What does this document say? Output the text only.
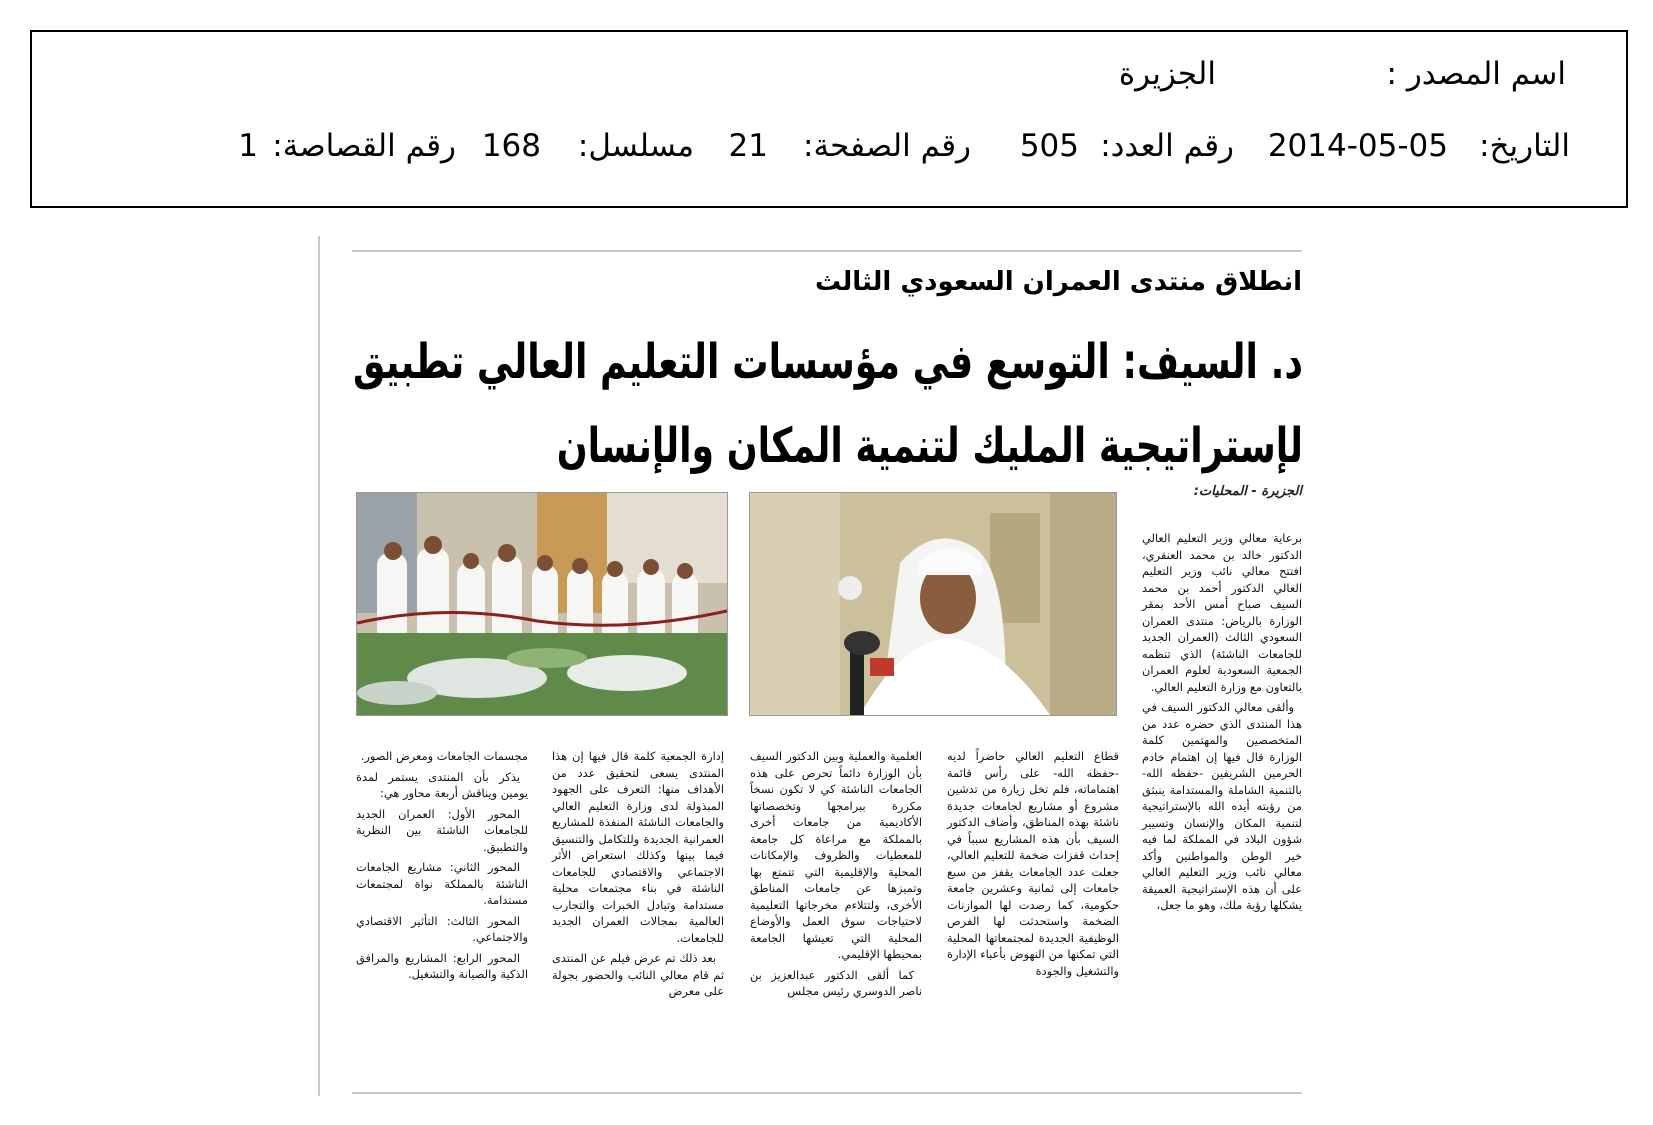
اسم المصدر :
الجزيرة
التاريخ:
2014-05-05
رقم العدد:
505
رقم الصفحة:
21
مسلسل:
168
رقم القصاصة:
1
انطلاق منتدى العمران السعودي الثالث
د. السيف: التوسع في مؤسسات التعليم العالي تطبيق
لإستراتيجية المليك لتنمية المكان والإنسان
الجزيرة - المحليات:

برعاية معالي وزير التعليم العالي الدكتور خالد بن محمد العنقري، افتتح معالي نائب وزير التعليم العالي الدكتور أحمد بن محمد السيف صباح أمس الأحد بمقر الوزارة بالرياض: منتدى العمران السعودي الثالث (العمران الجديد للجامعات الناشئة) الذي تنظمه الجمعية السعودية لعلوم العمران بالتعاون مع وزارة التعليم العالي.

وألقى معالي الدكتور السيف في هذا المنتدى الذي حضره عدد من المتخصصين والمهتمين كلمة الوزارة قال فيها إن اهتمام خادم الحرمين الشريفين -حفظه الله- بالتنمية الشاملة والمستدامة ينبثق من رؤيته أيده الله بالإستراتيجية لتنمية المكان والإنسان وتسيير شؤون البلاد في المملكة لما فيه خير الوطن والمواطنين وأكد معالي نائب وزير التعليم العالي على أن هذه الإستراتيجية العميقة يشكلها رؤية ملك، وهو ما جعل،

قطاع التعليم العالي حاضراً لديه -حفظه الله- على رأس قائمة اهتماماته، فلم تخل زيارة من تدشين مشروع أو مشاريع لجامعات جديدة ناشئة بهذه المناطق، وأضاف الدكتور السيف بأن هذه المشاريع سبباً في إحداث قفزات ضخمة للتعليم العالي، جعلت عدد الجامعات يقفز من سبع جامعات إلى ثمانية وعشرين جامعة حكومية، كما رصدت لها الموازنات الضخمة واستحدثت لها الفرص الوظيفية الجديدة لمجتمعاتها المحلية التي تمكنها من النهوض بأعباء الإدارة والتشغيل والجودة

العلمية والعملية وبين الدكتور السيف بأن الوزارة دائماً تحرص على هذه الجامعات الناشئة كي لا تكون نسخاً مكررة ببرامجها وتخصصاتها الأكاديمية من جامعات أخرى بالمملكة مع مراعاة كل جامعة للمعطيات والظروف والإمكانات المحلية والإقليمية التي تتمتع بها وتميزها عن جامعات المناطق الأخرى، ولتتلاءم مخرجاتها التعليمية لاحتياجات سوق العمل والأوضاع المحلية التي تعيشها الجامعة بمحيطها الإقليمي.

كما ألقى الدكتور عبدالعزيز بن ناصر الدوسري رئيس مجلس

إدارة الجمعية كلمة قال فيها إن هذا المنتدى يسعى لتحقيق عدد من الأهداف منها: التعرف على الجهود المبذولة لدى وزارة التعليم العالي والجامعات الناشئة المنفذة للمشاريع العمرانية الجديدة وللتكامل والتنسيق فيما بينها وكذلك استعراض الأثر الاجتماعي والاقتصادي للجامعات الناشئة في بناء مجتمعات محلية مستدامة وتبادل الخبرات والتجارب العالمية بمجالات العمران الجديد للجامعات.

بعد ذلك تم عرض فيلم عن المنتدى ثم قام معالي النائب والحضور بجولة على معرض

مجسمات الجامعات ومعرض الصور.

يذكر بأن المنتدى يستمر لمدة يومين ويناقش أربعة محاور هي:

المحور الأول: العمران الجديد للجامعات الناشئة بين النظرية والتطبيق.

المحور الثاني: مشاريع الجامعات الناشئة بالمملكة نواة لمجتمعات مستدامة.

المحور الثالث: التأثير الاقتصادي والاجتماعي.

المحور الرابع: المشاريع والمرافق الذكية والصيانة والتشغيل.
